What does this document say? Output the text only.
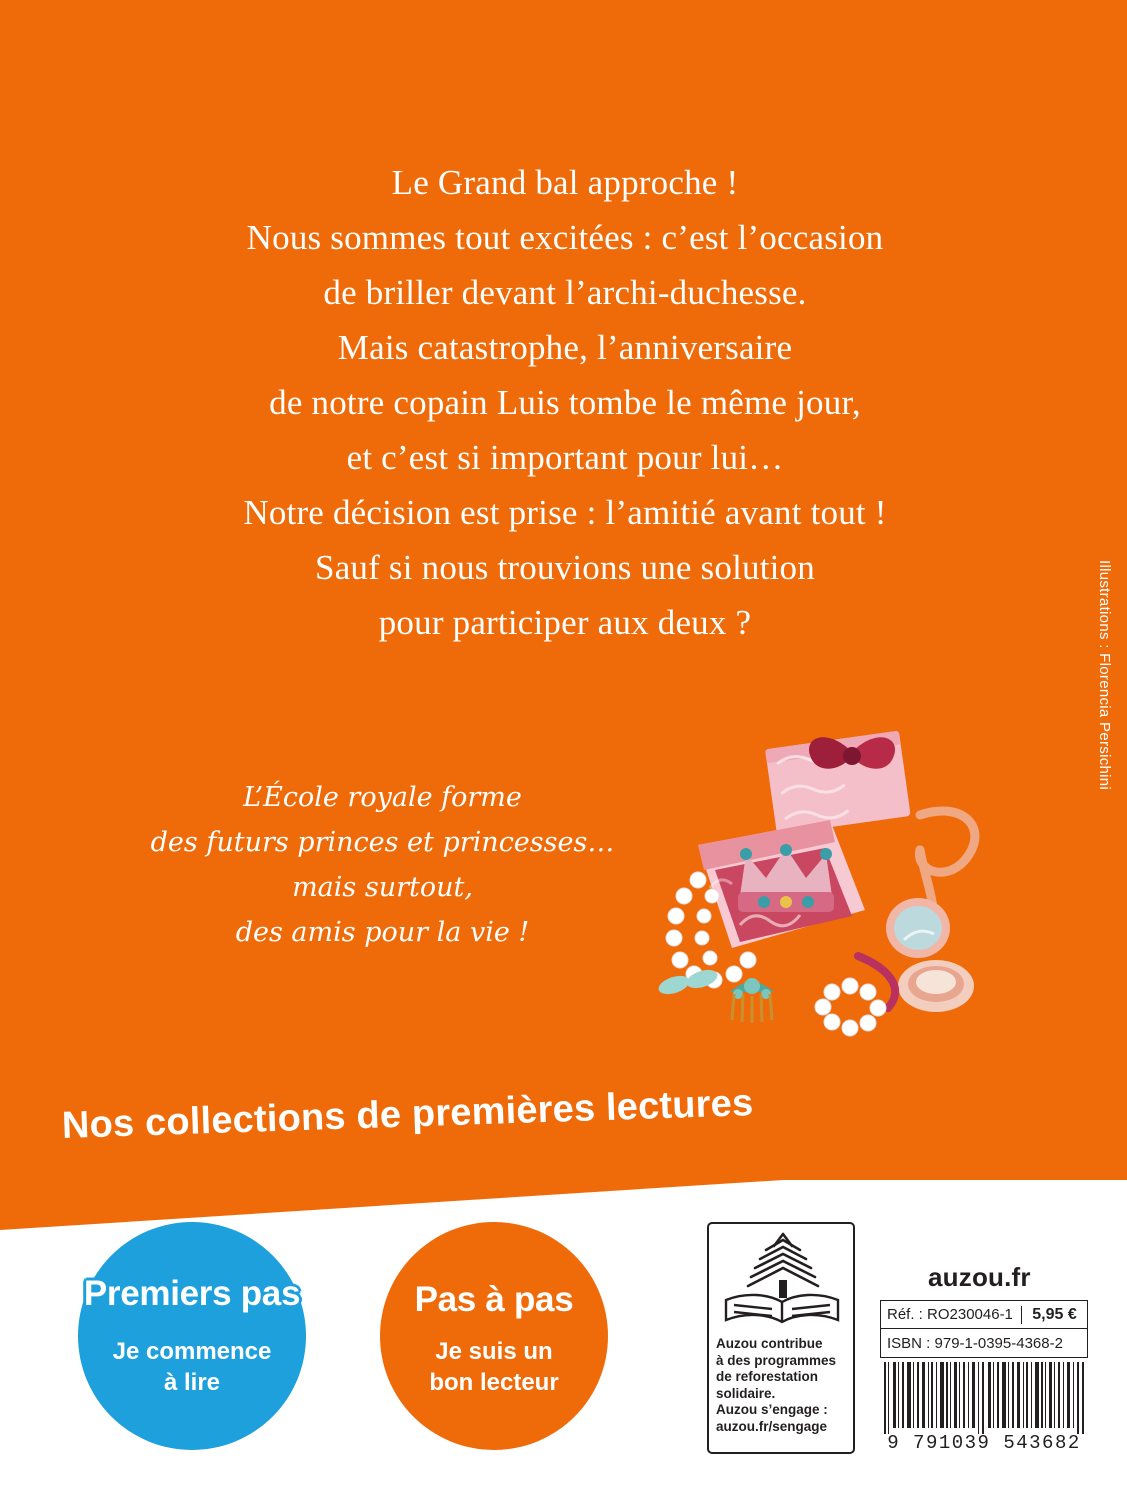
Le Grand bal approche !
Nous sommes tout excitées : c’est l’occasion
de briller devant l’archi-duchesse.
Mais catastrophe, l’anniversaire
de notre copain Luis tombe le même jour,
et c’est si important pour lui…
Notre décision est prise : l’amitié avant tout !
Sauf si nous trouvions une solution
pour participer aux deux ?
L’École royale forme
des futurs princes et princesses…
mais surtout,
des amis pour la vie !
Illustrations : Florencia Persichini
Nos collections de premières lectures
Premiers pas
Je commence
à lire
Pas à pas
Je suis un
bon lecteur
Auzou contribue
à des programmes
de reforestation
solidaire.
Auzou s’engage :
auzou.fr/sengage
auzou.fr
Réf. : RO230046-1	5,95 €
ISBN : 979-1-0395-4368-2
9 791039 543682
